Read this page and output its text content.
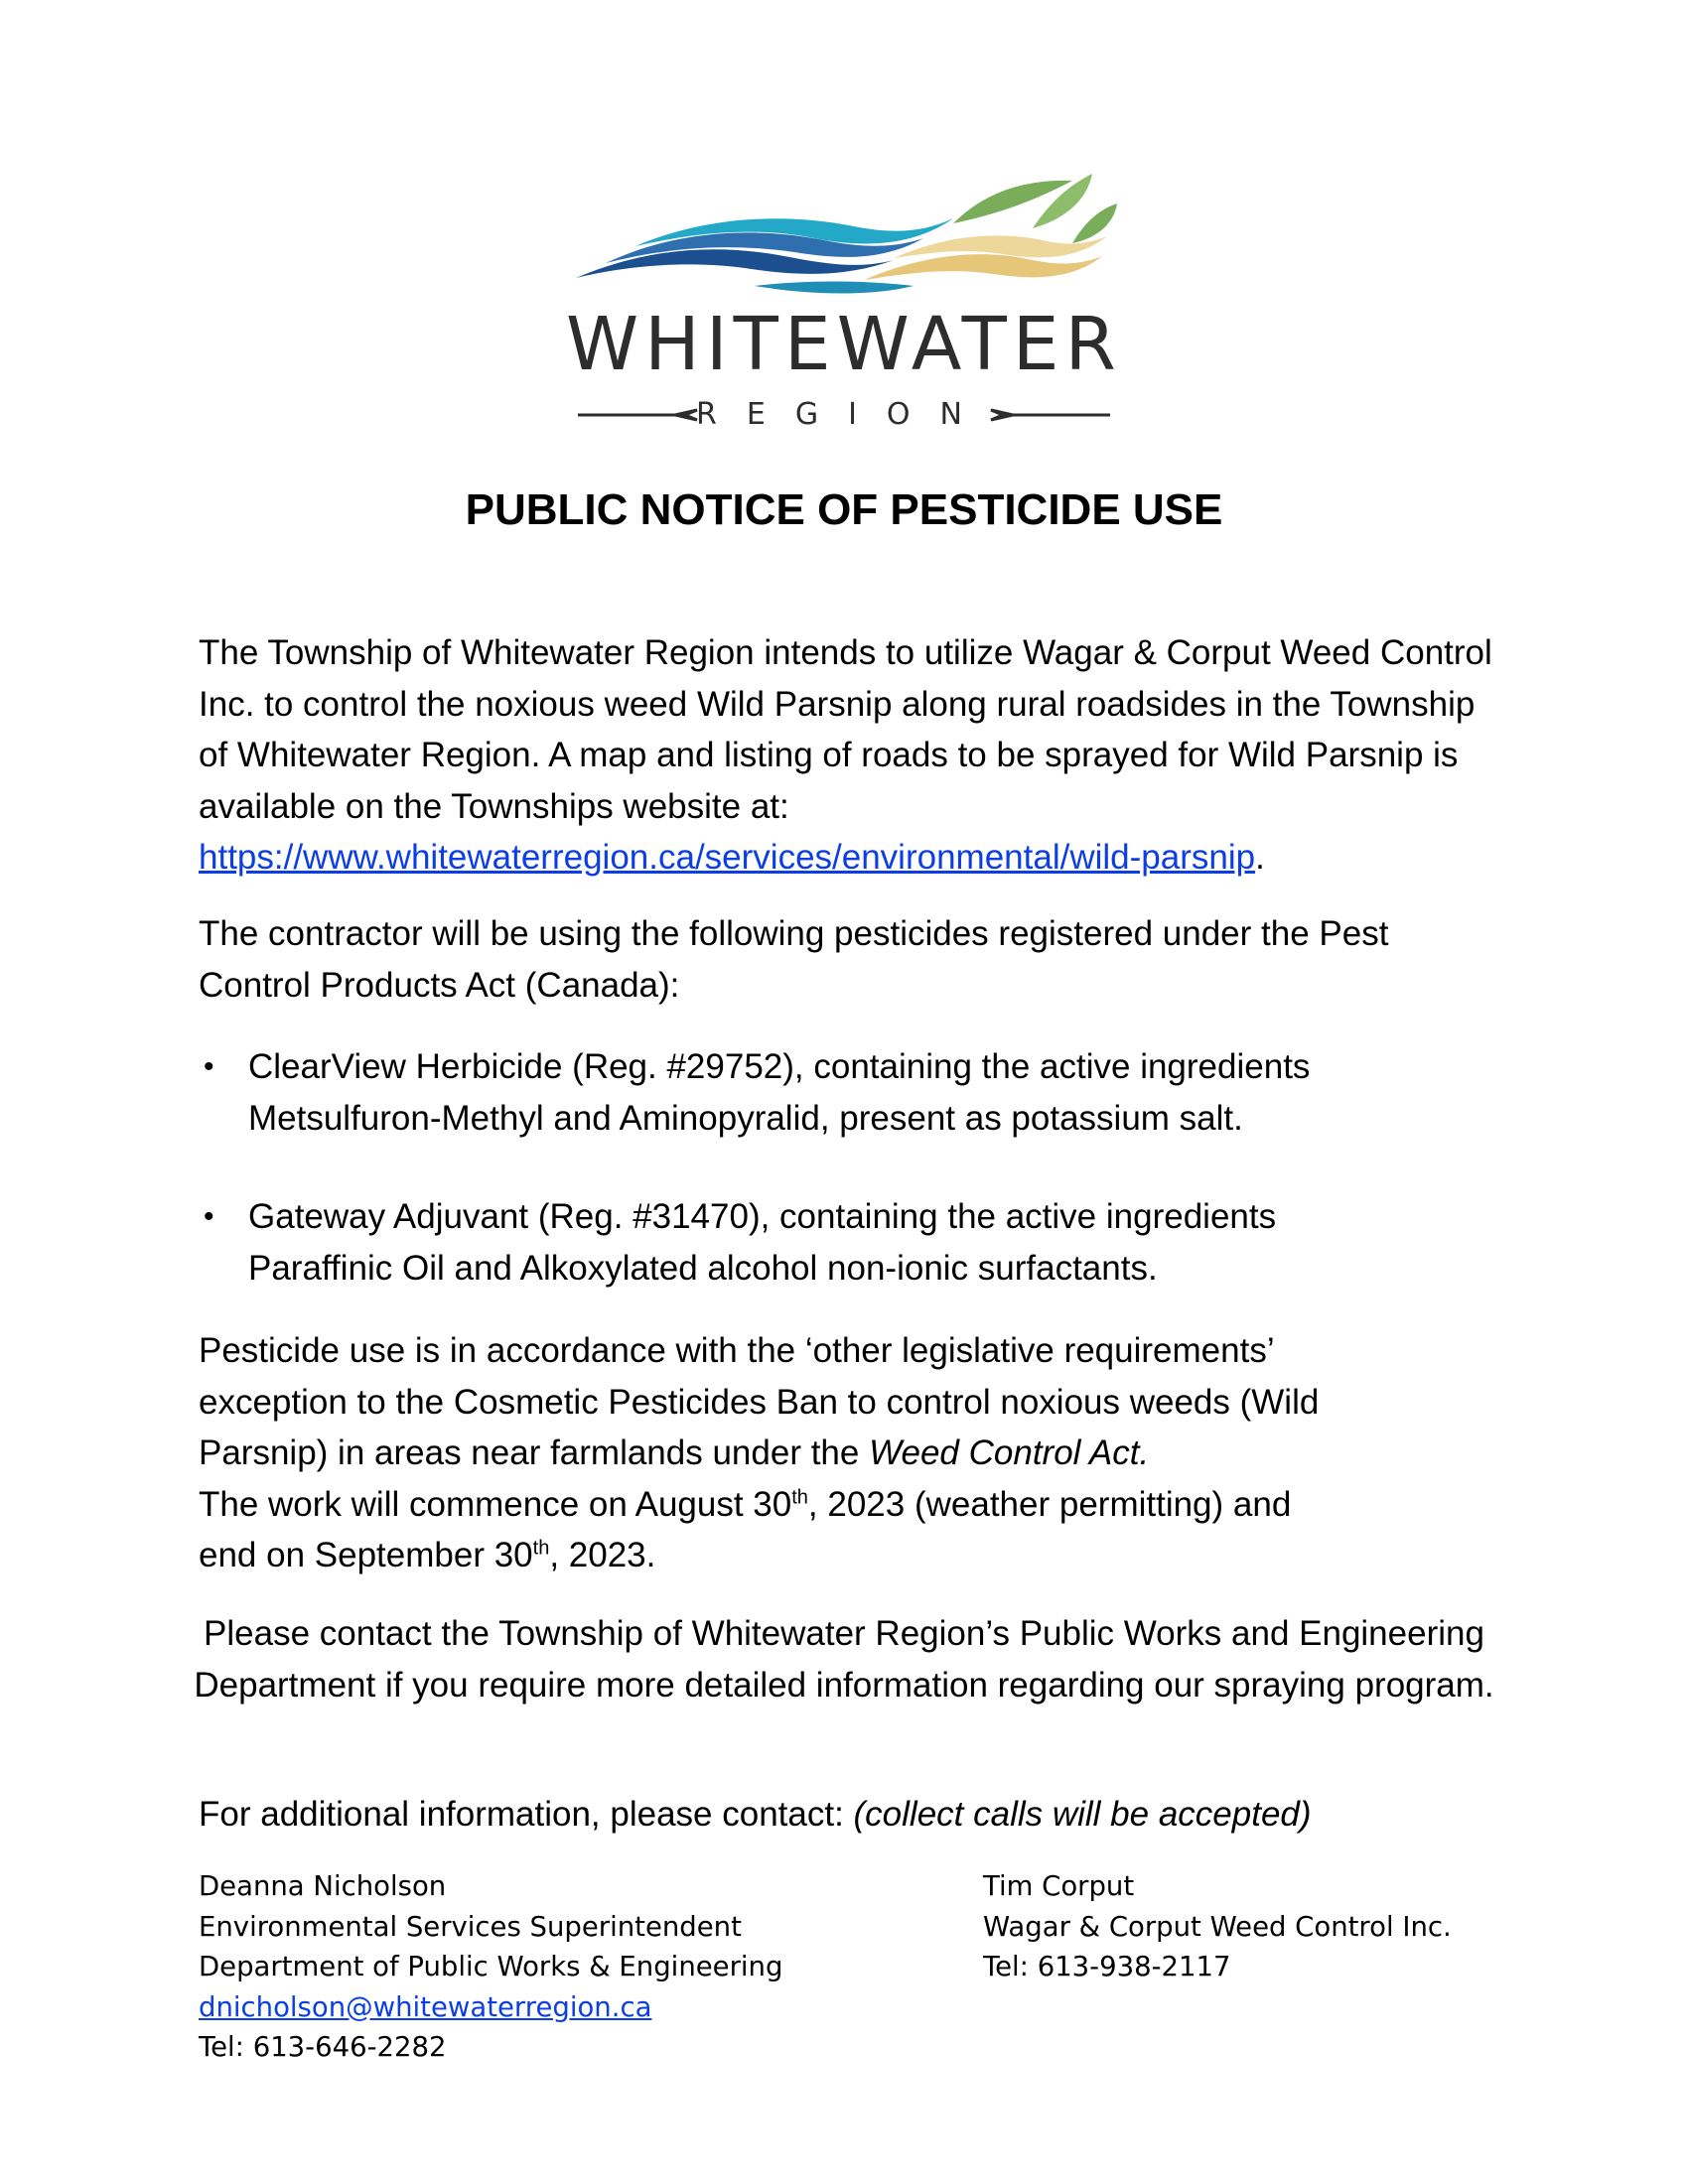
WHITEWATER
REGION
PUBLIC NOTICE OF PESTICIDE USE

The Township of Whitewater Region intends to utilize Wagar & Corput Weed Control Inc. to control the noxious weed Wild Parsnip along rural roadsides in the Township of Whitewater Region. A map and listing of roads to be sprayed for Wild Parsnip is available on the Townships website at: https://www.whitewaterregion.ca/services/environmental/wild-parsnip.

The contractor will be using the following pesticides registered under the Pest Control Products Act (Canada):

• ClearView Herbicide (Reg. #29752), containing the active ingredients
Metsulfuron-Methyl and Aminopyralid, present as potassium salt.
• Gateway Adjuvant (Reg. #31470), containing the active ingredients
Paraffinic Oil and Alkoxylated alcohol non-ionic surfactants.
Pesticide use is in accordance with the ‘other legislative requirements’ exception to the Cosmetic Pesticides Ban to control noxious weeds (Wild Parsnip) in areas near farmlands under the Weed Control Act.
The work will commence on August 30th, 2023 (weather permitting) and
end on September 30th, 2023.
Please contact the Township of Whitewater Region’s Public Works and Engineering Department if you require more detailed information regarding our spraying program.
For additional information, please contact: (collect calls will be accepted)
Deanna Nicholson
Environmental Services Superintendent
Department of Public Works & Engineering
dnicholson@whitewaterregion.ca
Tel: 613-646-2282
Tim Corput
Wagar & Corput Weed Control Inc.
Tel: 613-938-2117
